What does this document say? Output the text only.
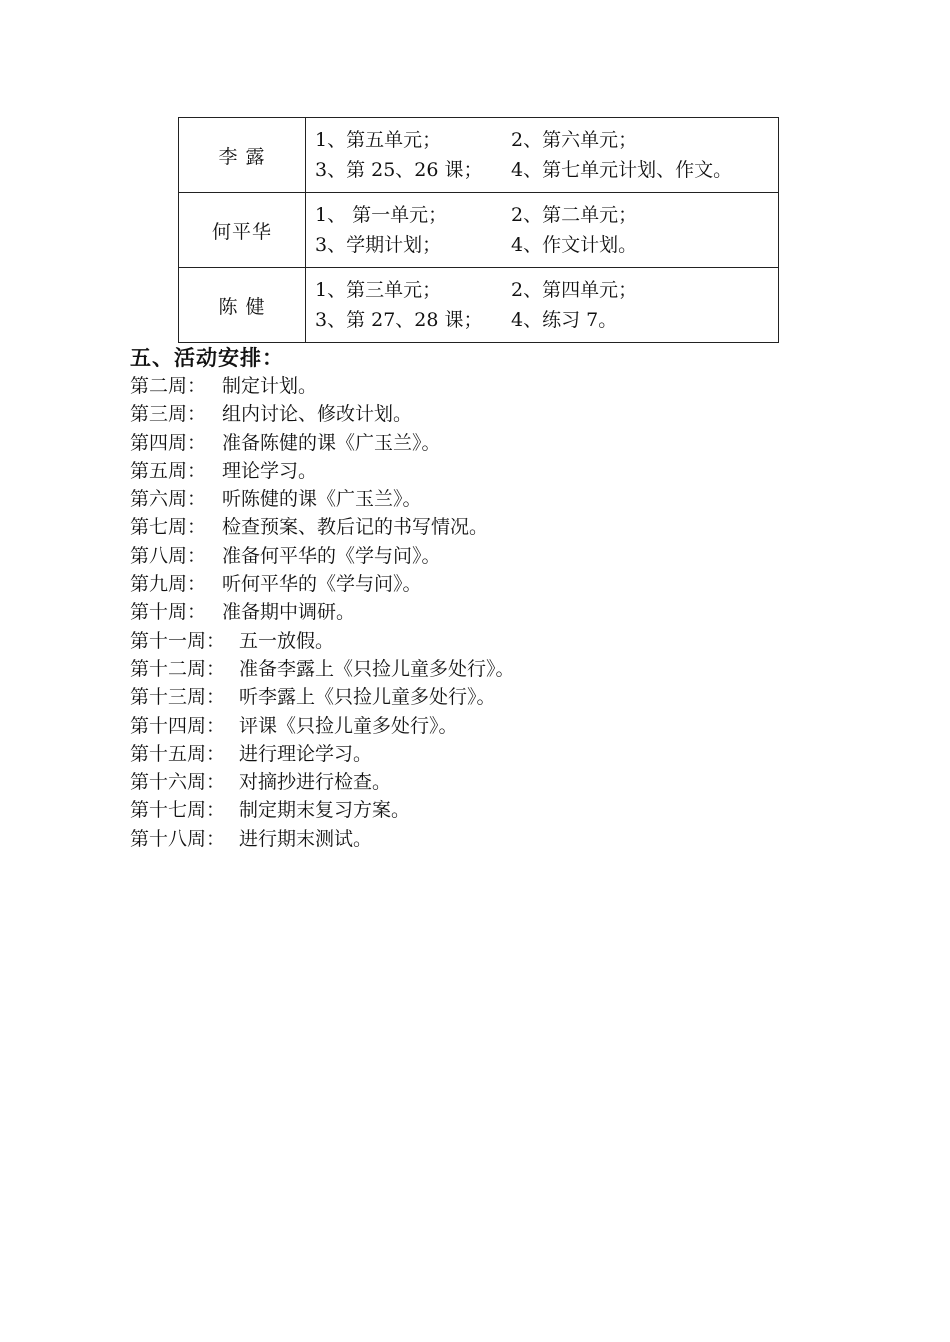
李 露	1、第五单元； 2、第六单元；
3、第 25、26 课； 4、第七单元计划、作文。

何平华	1、 第一单元； 2、第二单元；
3、学期计划； 4、作文计划。

陈 健	1、第三单元； 2、第四单元；
3、第 27、28 课； 4、练习 7。
五、活动安排：
第二周： 制定计划。
第三周： 组内讨论、修改计划。
第四周： 准备陈健的课《广玉兰》。
第五周： 理论学习。
第六周： 听陈健的课《广玉兰》。
第七周： 检查预案、教后记的书写情况。
第八周： 准备何平华的《学与问》。
第九周： 听何平华的《学与问》。
第十周： 准备期中调研。
第十一周： 五一放假。
第十二周： 准备李露上《只捡儿童多处行》。
第十三周： 听李露上《只捡儿童多处行》。
第十四周： 评课《只捡儿童多处行》。
第十五周： 进行理论学习。
第十六周： 对摘抄进行检查。
第十七周： 制定期末复习方案。
第十八周： 进行期末测试。
